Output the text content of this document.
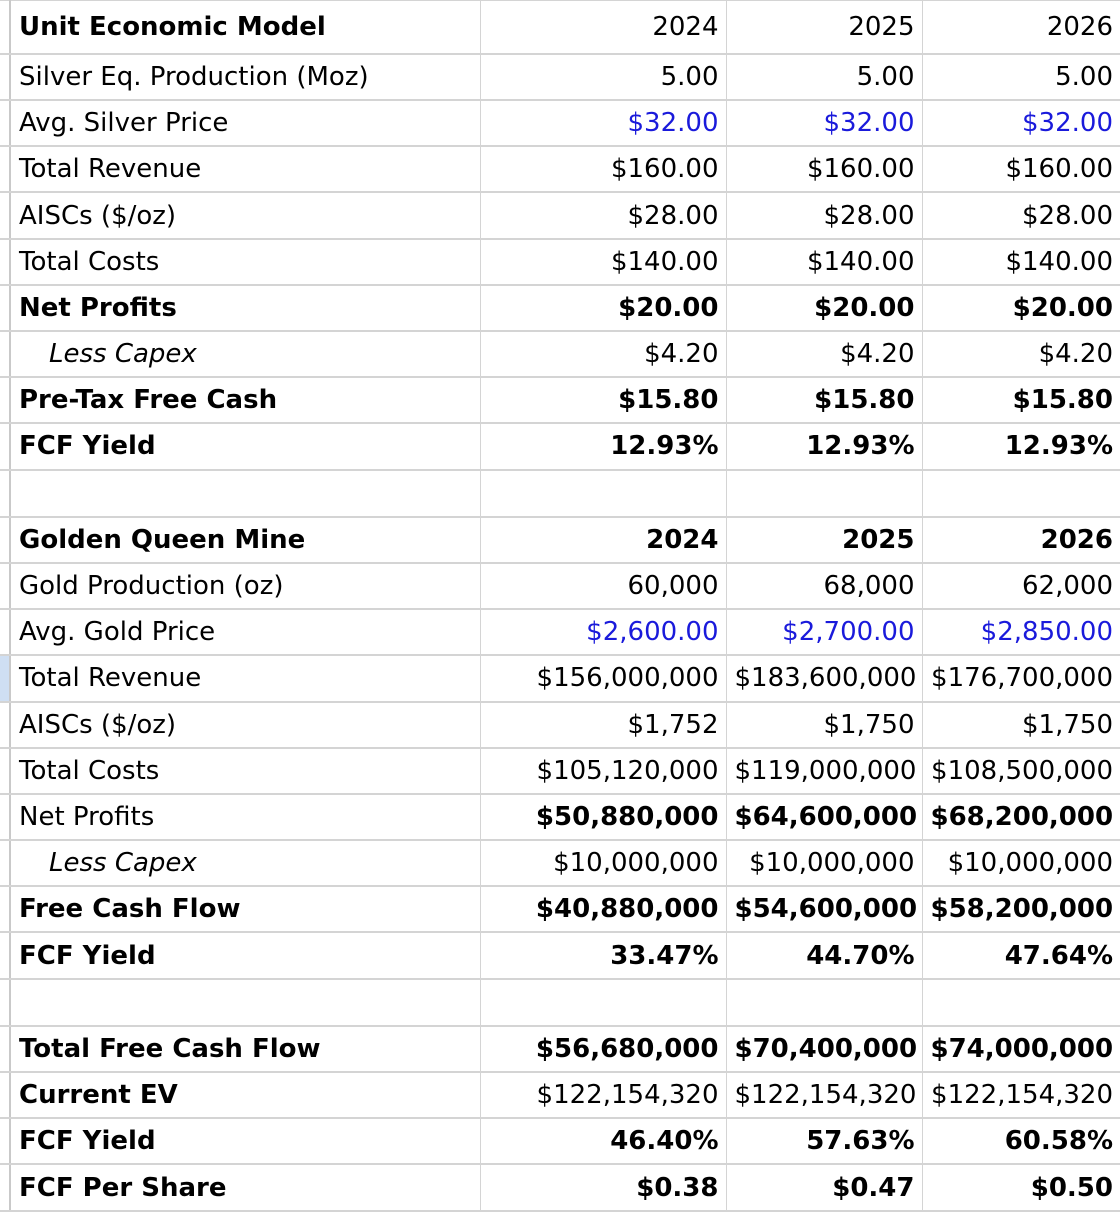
	Unit Economic Model	2024	2025	2026
	Silver Eq. Production (Moz)	5.00	5.00	5.00
	Avg. Silver Price	$32.00	$32.00	$32.00
	Total Revenue	$160.00	$160.00	$160.00
	AISCs ($/oz)	$28.00	$28.00	$28.00
	Total Costs	$140.00	$140.00	$140.00
	Net Profits	$20.00	$20.00	$20.00
	Less Capex	$4.20	$4.20	$4.20
	Pre-Tax Free Cash	$15.80	$15.80	$15.80
	FCF Yield	12.93%	12.93%	12.93%

	Golden Queen Mine	2024	2025	2026
	Gold Production (oz)	60,000	68,000	62,000
	Avg. Gold Price	$2,600.00	$2,700.00	$2,850.00
	Total Revenue	$156,000,000	$183,600,000	$176,700,000
	AISCs ($/oz)	$1,752	$1,750	$1,750
	Total Costs	$105,120,000	$119,000,000	$108,500,000
	Net Profits	$50,880,000	$64,600,000	$68,200,000
	Less Capex	$10,000,000	$10,000,000	$10,000,000
	Free Cash Flow	$40,880,000	$54,600,000	$58,200,000
	FCF Yield	33.47%	44.70%	47.64%

	Total Free Cash Flow	$56,680,000	$70,400,000	$74,000,000
	Current EV	$122,154,320	$122,154,320	$122,154,320
	FCF Yield	46.40%	57.63%	60.58%
	FCF Per Share	$0.38	$0.47	$0.50
